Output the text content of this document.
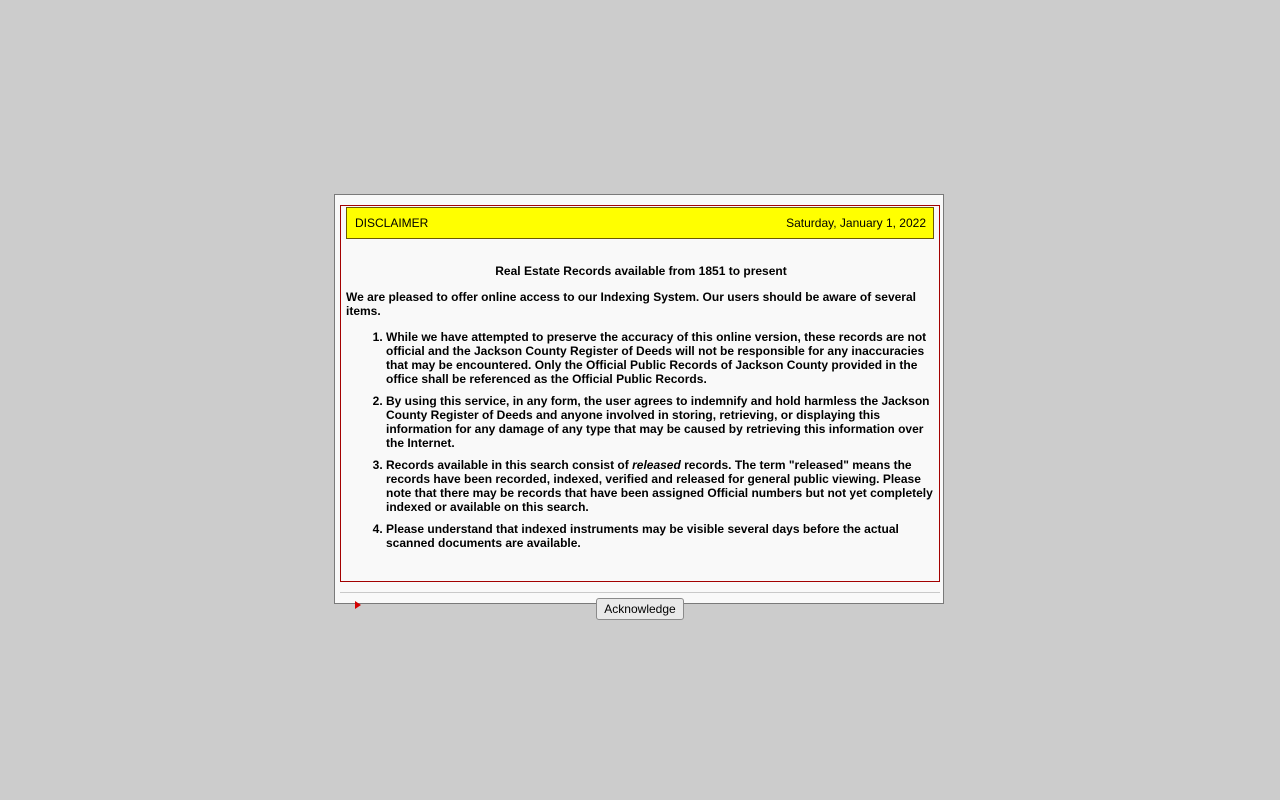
DISCLAIMER	Saturday, January 1, 2022
Real Estate Records available from 1851 to present
We are pleased to offer online access to our Indexing System. Our users should be aware of several items.
1. While we have attempted to preserve the accuracy of this online version, these records are not official and the Jackson County Register of Deeds will not be responsible for any inaccuracies that may be encountered. Only the Official Public Records of Jackson County provided in the office shall be referenced as the Official Public Records.
2. By using this service, in any form, the user agrees to indemnify and hold harmless the Jackson County Register of Deeds and anyone involved in storing, retrieving, or displaying this information for any damage of any type that may be caused by retrieving this information over the Internet.
3. Records available in this search consist of released records. The term "released" means the records have been recorded, indexed, verified and released for general public viewing. Please note that there may be records that have been assigned Official numbers but not yet completely indexed or available on this search.
4. Please understand that indexed instruments may be visible several days before the actual scanned documents are available.
Acknowledge
